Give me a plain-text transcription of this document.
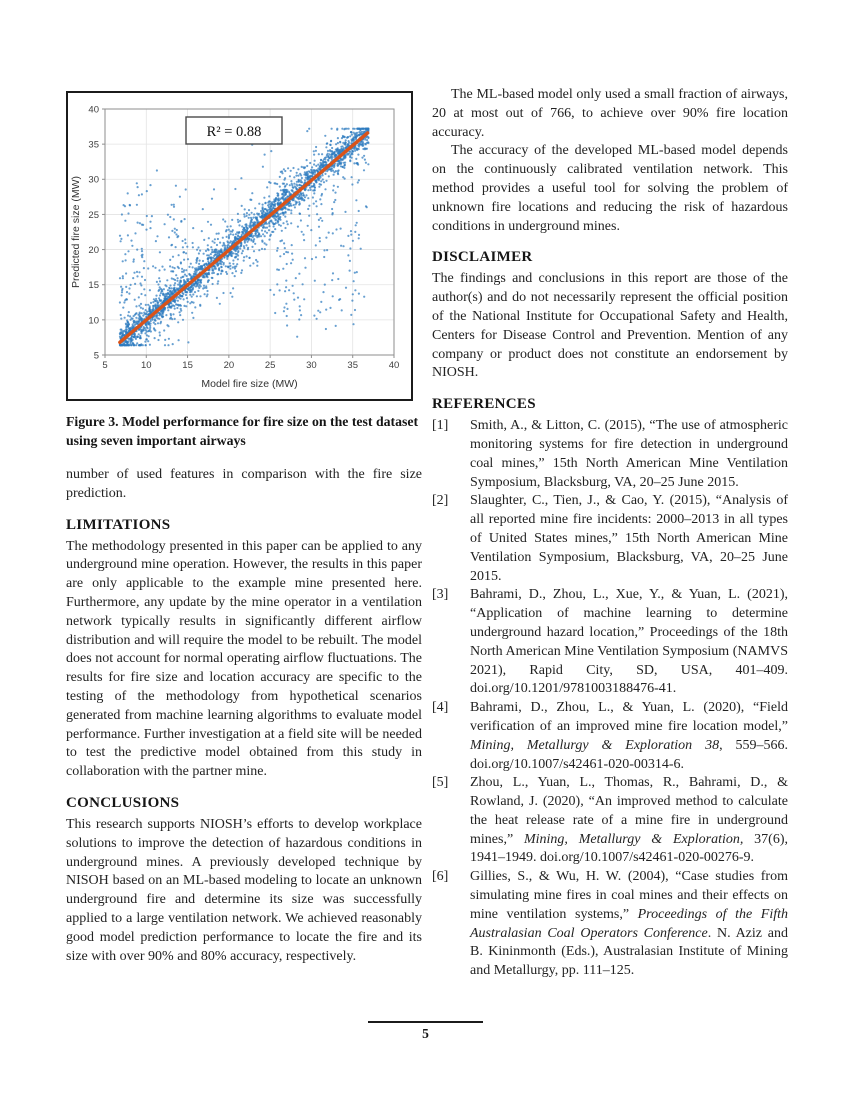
R² = 0.88
5	10	15	20	25	30	35	40
5
10
15
20
25
30
35
40
Model fire size (MW)
Predicted fire size (MW)
Figure 3. Model performance for fire size on the test dataset using seven important airways

number of used features in comparison with the fire size prediction.

LIMITATIONS

The methodology presented in this paper can be applied to any underground mine operation. However, the results in this paper are only applicable to the example mine presented here. Furthermore, any update by the mine operator in a ventilation network typically results in significantly different airflow distribution and will require the model to be rebuilt. The model does not account for normal operating airflow fluctuations. The results for fire size and location accuracy are specific to the testing of the methodology from hypothetical scenarios generated from machine learning algorithms to evaluate model performance. Further investigation at a field site will be needed to test the predictive model obtained from this study in collaboration with the partner mine.

CONCLUSIONS

This research supports NIOSH’s efforts to develop workplace solutions to improve the detection of hazardous conditions in underground mines. A previously developed technique by NISOH based on an ML-based modeling to locate an unknown underground fire and determine its size was successfully applied to a large ventilation network. We achieved reasonably good model prediction performance to locate the fire and its size with over 90% and 80% accuracy, respectively.

The ML-based model only used a small fraction of airways, 20 at most out of 766, to achieve over 90% fire location accuracy.

The accuracy of the developed ML-based model depends on the continuously calibrated ventilation network. This method provides a useful tool for solving the problem of unknown fire locations and reducing the risk of hazardous conditions in underground mines.

DISCLAIMER

The findings and conclusions in this report are those of the author(s) and do not necessarily represent the official position of the National Institute for Occupational Safety and Health, Centers for Disease Control and Prevention. Mention of any company or product does not constitute an endorsement by NIOSH.

REFERENCES
[1] Smith, A., & Litton, C. (2015), “The use of atmospheric monitoring systems for fire detection in underground coal mines,” 15th North American Mine Ventilation Symposium, Blacksburg, VA, 20–25 June 2015.
[2] Slaughter, C., Tien, J., & Cao, Y. (2015), “Analysis of all reported mine fire incidents: 2000–2013 in all types of United States mines,” 15th North American Mine Ventilation Symposium, Blacksburg, VA, 20–25 June 2015.
[3] Bahrami, D., Zhou, L., Xue, Y., & Yuan, L. (2021), “Application of machine learning to determine underground hazard location,” Proceedings of the 18th North American Mine Ventilation Symposium (NAMVS 2021), Rapid City, SD, USA, 401–409. doi.org/10.1201/9781003188476-41.
[4] Bahrami, D., Zhou, L., & Yuan, L. (2020), “Field verification of an improved mine fire location model,” Mining, Metallurgy & Exploration 38, 559–566. doi.org/10.1007/s42461-020-00314-6.
[5] Zhou, L., Yuan, L., Thomas, R., Bahrami, D., & Rowland, J. (2020), “An improved method to calculate the heat release rate of a mine fire in underground mines,” Mining, Metallurgy & Exploration, 37(6), 1941–1949. doi.org/10.1007/s42461-020-00276-9.
[6] Gillies, S., & Wu, H. W. (2004), “Case studies from simulating mine fires in coal mines and their effects on mine ventilation systems,” Proceedings of the Fifth Australasian Coal Operators Conference. N. Aziz and B. Kininmonth (Eds.), Australasian Institute of Mining and Metallurgy, pp. 111–125.
5
